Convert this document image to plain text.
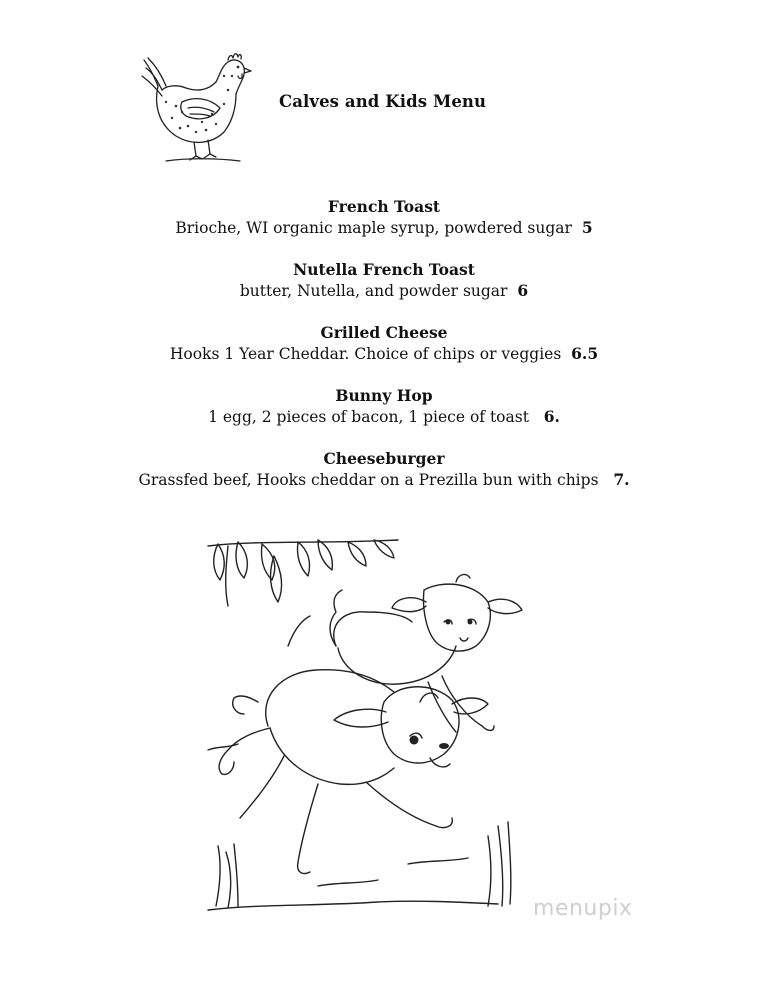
Calves and Kids Menu
French Toast
Brioche, WI organic maple syrup, powdered sugar 5
Nutella French Toast
butter, Nutella, and powder sugar 6
Grilled Cheese
Hooks 1 Year Cheddar. Choice of chips or veggies 6.5
Bunny Hop
1 egg, 2 pieces of bacon, 1 piece of toast 6.
Cheeseburger
Grassfed beef, Hooks cheddar on a Prezilla bun with chips 7.
menupix
